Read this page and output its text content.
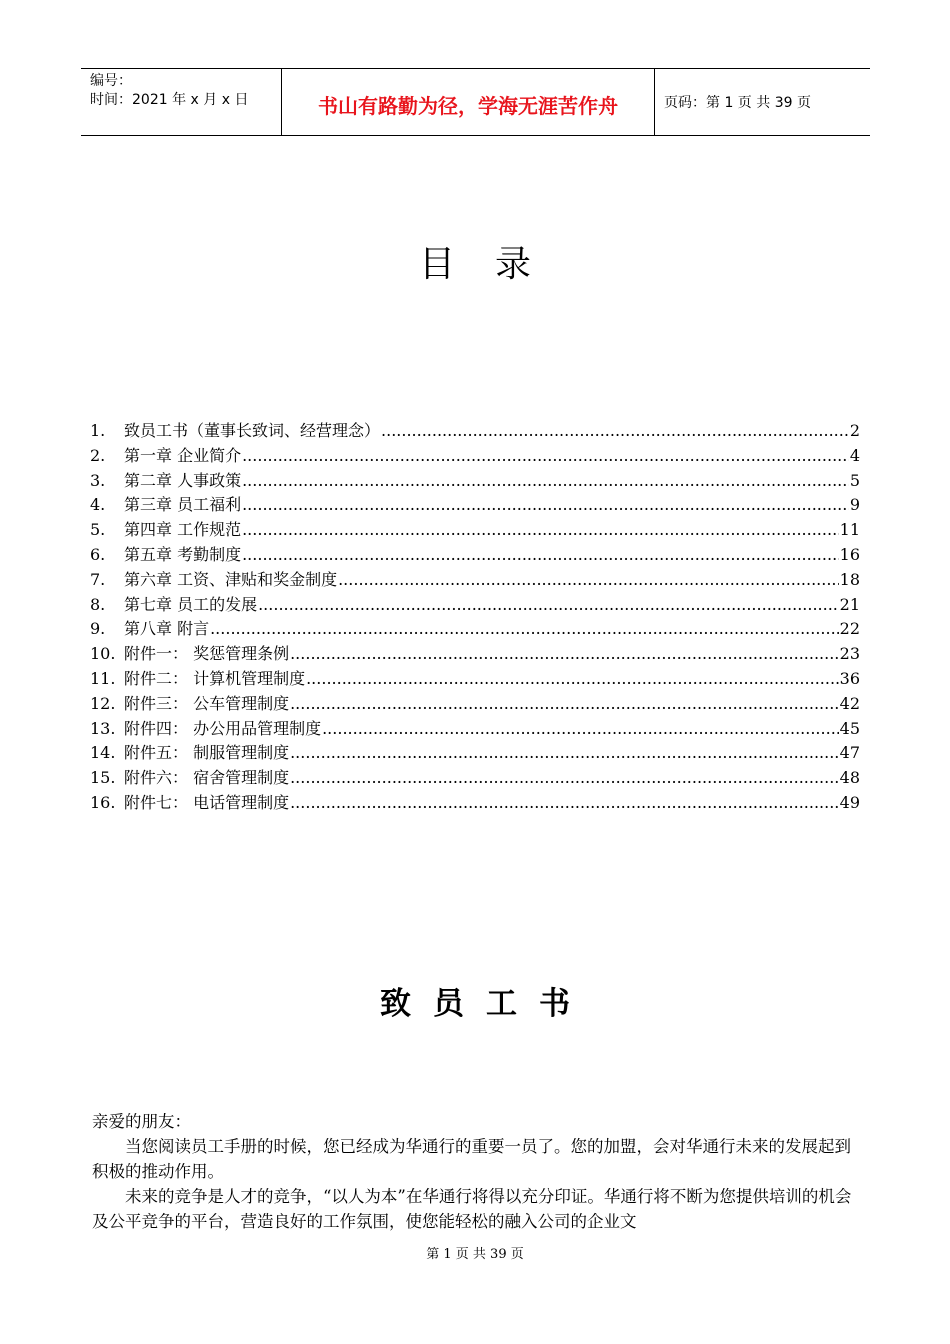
编号：
时间：2021 年 x 月 x 日	书山有路勤为径，学海无涯苦作舟	页码：第 1 页 共 39 页
目录
1.	致员工书（董事长致词、经营理念） .....	2
2.	第一章 企业简介 .....	4
3.	第二章 人事政策 .....	5
4.	第三章 员工福利 .....	9
5.	第四章 工作规范 .....	11
6.	第五章 考勤制度 .....	16
7.	第六章 工资、津贴和奖金制度 .....	18
8.	第七章 员工的发展 .....	21
9.	第八章 附言 .....	22
10. 附件一： 奖惩管理条例 .....	23
11. 附件二： 计算机管理制度 .....	36
12. 附件三： 公车管理制度 .....	42
13. 附件四： 办公用品管理制度 .....	45
14. 附件五： 制服管理制度 .....	47
15. 附件六： 宿舍管理制度 .....	48
16. 附件七： 电话管理制度 .....	49
致员工书

亲爱的朋友：

当您阅读员工手册的时候，您已经成为华通行的重要一员了。您的加盟，会对华通行未来的发展起到积极的推动作用。

未来的竞争是人才的竞争，“以人为本”在华通行将得以充分印证。华通行将不断为您提供培训的机会及公平竞争的平台，营造良好的工作氛围，使您能轻松的融入公司的企业文

第 1 页 共 39 页
